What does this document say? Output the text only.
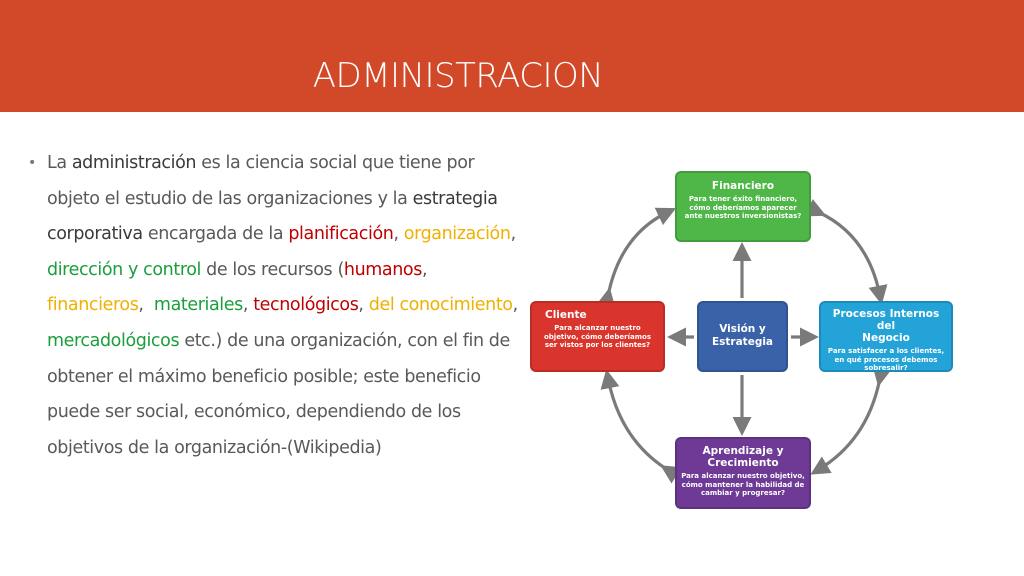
ADMINISTRACION
• La administración es la ciencia social que tiene por objeto el estudio de las organizaciones y la estrategia corporativa encargada de la planificación, organización, dirección y control de los recursos (humanos, financieros,  materiales, tecnológicos, del conocimiento, mercadológicos etc.) de una organización, con el fin de obtener el máximo beneficio posible; este beneficio puede ser social, económico, dependiendo de los objetivos de la organización-(Wikipedia)
Financiero
Para tener éxito financiero, cómo deberíamos aparecer ante nuestros inversionistas?
Cliente
Para alcanzar nuestro objetivo, cómo deberíamos ser vistos por los clientes?
Visión y
Estrategia
Procesos Internos del
Negocio
Para satisfacer a los clientes, en qué procesos debemos sobresalir?
Aprendizaje y
Crecimiento
Para alcanzar nuestro objetivo, cómo mantener la habilidad de cambiar y progresar?
